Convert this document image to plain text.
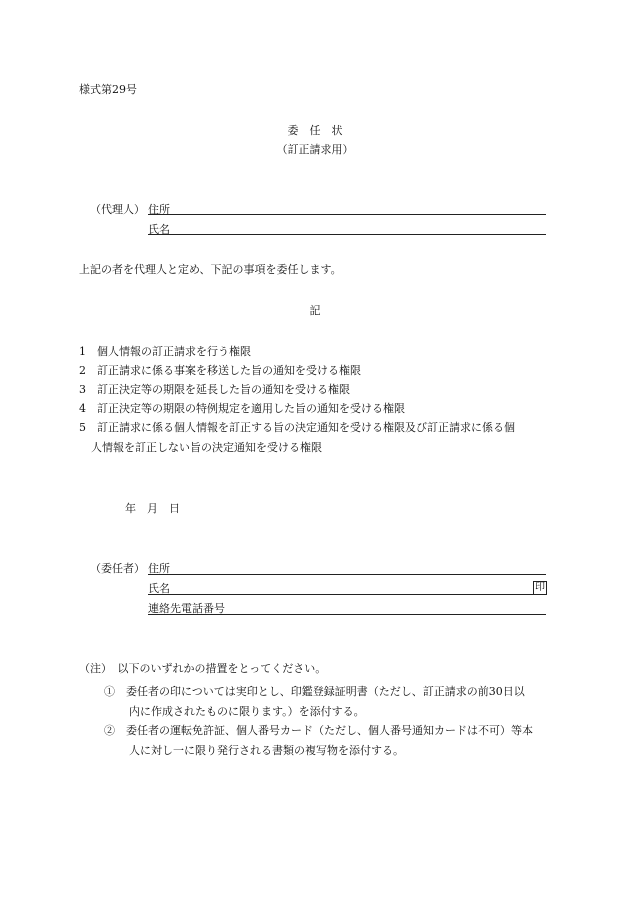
様式第29号
委　任　状
（訂正請求用）
（代理人） 住所
氏名
上記の者を代理人と定め、下記の事項を委任します。
記
1 個人情報の訂正請求を行う権限
2 訂正請求に係る事案を移送した旨の通知を受ける権限
3 訂正決定等の期限を延長した旨の通知を受ける権限
4 訂正決定等の期限の特例規定を適用した旨の通知を受ける権限
5 訂正請求に係る個人情報を訂正する旨の決定通知を受ける権限及び訂正請求に係る個
人情報を訂正しない旨の決定通知を受ける権限
年　月　日
（委任者） 住所
氏名	印
連絡先電話番号
（注）　以下のいずれかの措置をとってください。
①　委任者の印については実印とし、印鑑登録証明書（ただし、訂正請求の前30日以
内に作成されたものに限ります。）を添付する。
②　委任者の運転免許証、個人番号カード（ただし、個人番号通知カードは不可）等本
人に対し一に限り発行される書類の複写物を添付する。
